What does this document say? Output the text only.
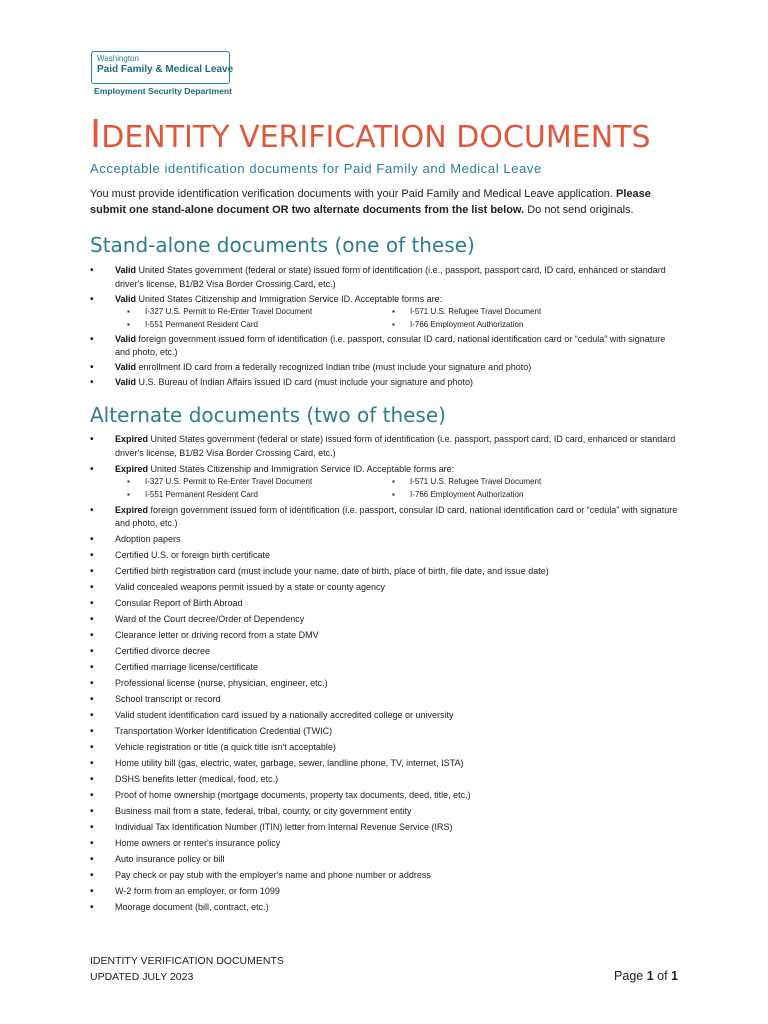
Washington
Paid Family & Medical Leave
Employment Security Department
IDENTITY VERIFICATION DOCUMENTS
Acceptable identification documents for Paid Family and Medical Leave

You must provide identification verification documents with your Paid Family and Medical Leave application. Please submit one stand-alone document OR two alternate documents from the list below. Do not send originals.

Stand-alone documents (one of these)
• Valid United States government (federal or state) issued form of identification (i.e., passport, passport card, ID card, enhanced or standard driver's license, B1/B2 Visa Border Crossing Card, etc.)
• Valid United States Citizenship and Immigration Service ID. Acceptable forms are:
▪ I-327 U.S. Permit to Re-Enter Travel Document	▪ I-571 U.S. Refugee Travel Document
▪ I-551 Permanent Resident Card	▪ I-766 Employment Authorization
• Valid foreign government issued form of identification (i.e. passport, consular ID card, national identification card or “cedula” with signature and photo, etc.)
• Valid enrollment ID card from a federally recognized Indian tribe (must include your signature and photo)
• Valid U.S. Bureau of Indian Affairs issued ID card (must include your signature and photo)
Alternate documents (two of these)
• Expired United States government (federal or state) issued form of identification (i.e. passport, passport card, ID card, enhanced or standard driver's license, B1/B2 Visa Border Crossing Card, etc.)
• Expired United States Citizenship and Immigration Service ID. Acceptable forms are:
▪ I-327 U.S. Permit to Re-Enter Travel Document	▪ I-571 U.S. Refugee Travel Document
▪ I-551 Permanent Resident Card	▪ I-766 Employment Authorization
• Expired foreign government issued form of identification (i.e. passport, consular ID card, national identification card or “cedula” with signature and photo, etc.)
• Adoption papers
• Certified U.S. or foreign birth certificate
• Certified birth registration card (must include your name, date of birth, place of birth, file date, and issue date)
• Valid concealed weapons permit issued by a state or county agency
• Consular Report of Birth Abroad
• Ward of the Court decree/Order of Dependency
• Clearance letter or driving record from a state DMV
• Certified divorce decree
• Certified marriage license/certificate
• Professional license (nurse, physician, engineer, etc.)
• School transcript or record
• Valid student identification card issued by a nationally accredited college or university
• Transportation Worker Identification Credential (TWIC)
• Vehicle registration or title (a quick title isn't acceptable)
• Home utility bill (gas, electric, water, garbage, sewer, landline phone, TV, internet, ISTA)
• DSHS benefits letter (medical, food, etc.)
• Proof of home ownership (mortgage documents, property tax documents, deed, title, etc.)
• Business mail from a state, federal, tribal, county, or city government entity
• Individual Tax Identification Number (ITIN) letter from Internal Revenue Service (IRS)
• Home owners or renter's insurance policy
• Auto insurance policy or bill
• Pay check or pay stub with the employer's name and phone number or address
• W-2 form from an employer, or form 1099
• Moorage document (bill, contract, etc.)
IDENTITY VERIFICATION DOCUMENTS
UPDATED JULY 2023	Page 1 of 1
